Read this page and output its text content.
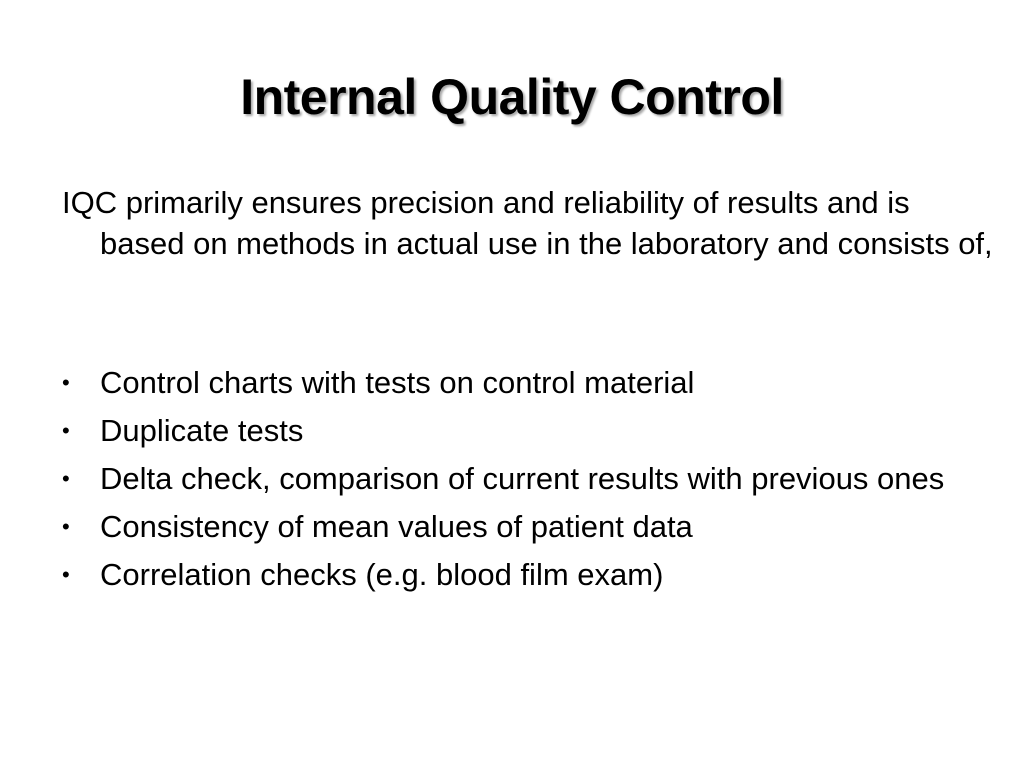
Internal Quality Control

IQC primarily ensures precision and reliability of results and is based on methods in actual use in the laboratory and consists of,

• Control charts with tests on control material
• Duplicate tests
• Delta check, comparison of current results with previous ones
• Consistency of mean values of patient data
• Correlation checks (e.g. blood film exam)
